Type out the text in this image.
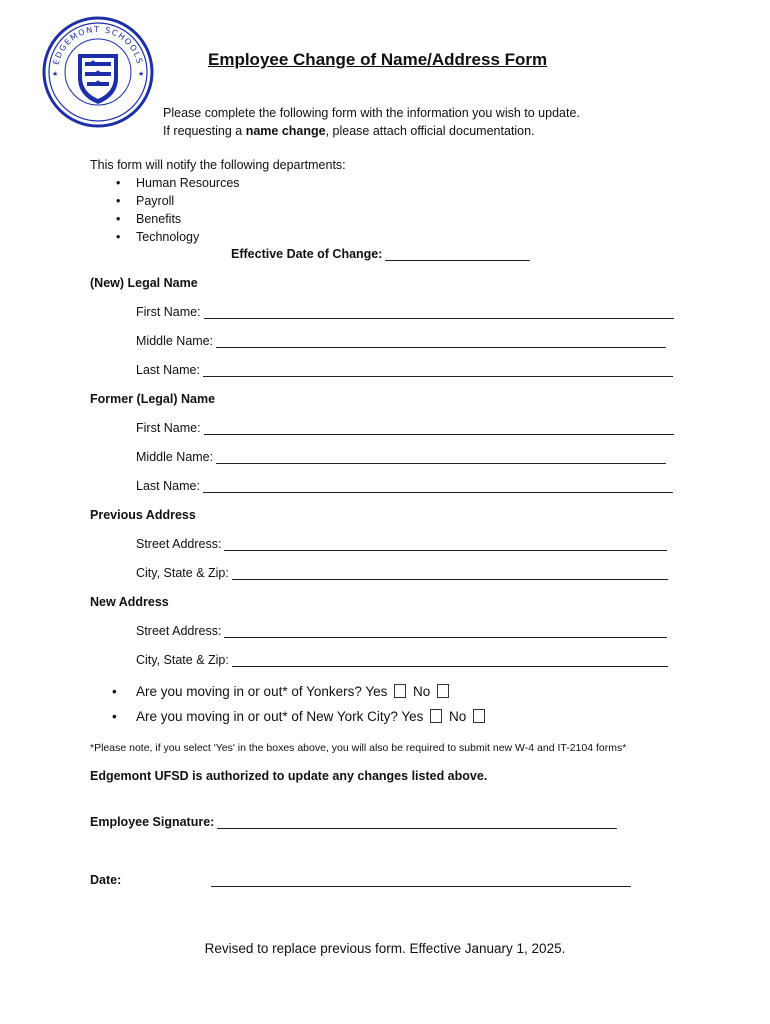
EDGEMONT SCHOOLS
★	★
Employee Change of Name/Address Form
Please complete the following form with the information you wish to update.
If requesting a name change, please attach official documentation.
This form will notify the following departments:
• Human Resources
• Payroll
• Benefits
• Technology
Effective Date of Change:
(New) Legal Name
First Name:
Middle Name:
Last Name:
Former (Legal) Name
First Name:
Middle Name:
Last Name:
Previous Address
Street Address:
City, State & Zip:
New Address
Street Address:
City, State & Zip:
• Are you moving in or out* of Yonkers? Yes No
• Are you moving in or out* of New York City? Yes No
*Please note, if you select 'Yes' in the boxes above, you will also be required to submit new W-4 and IT-2104 forms*
Edgemont UFSD is authorized to update any changes listed above.
Employee Signature:
Date:
Revised to replace previous form. Effective January 1, 2025.
